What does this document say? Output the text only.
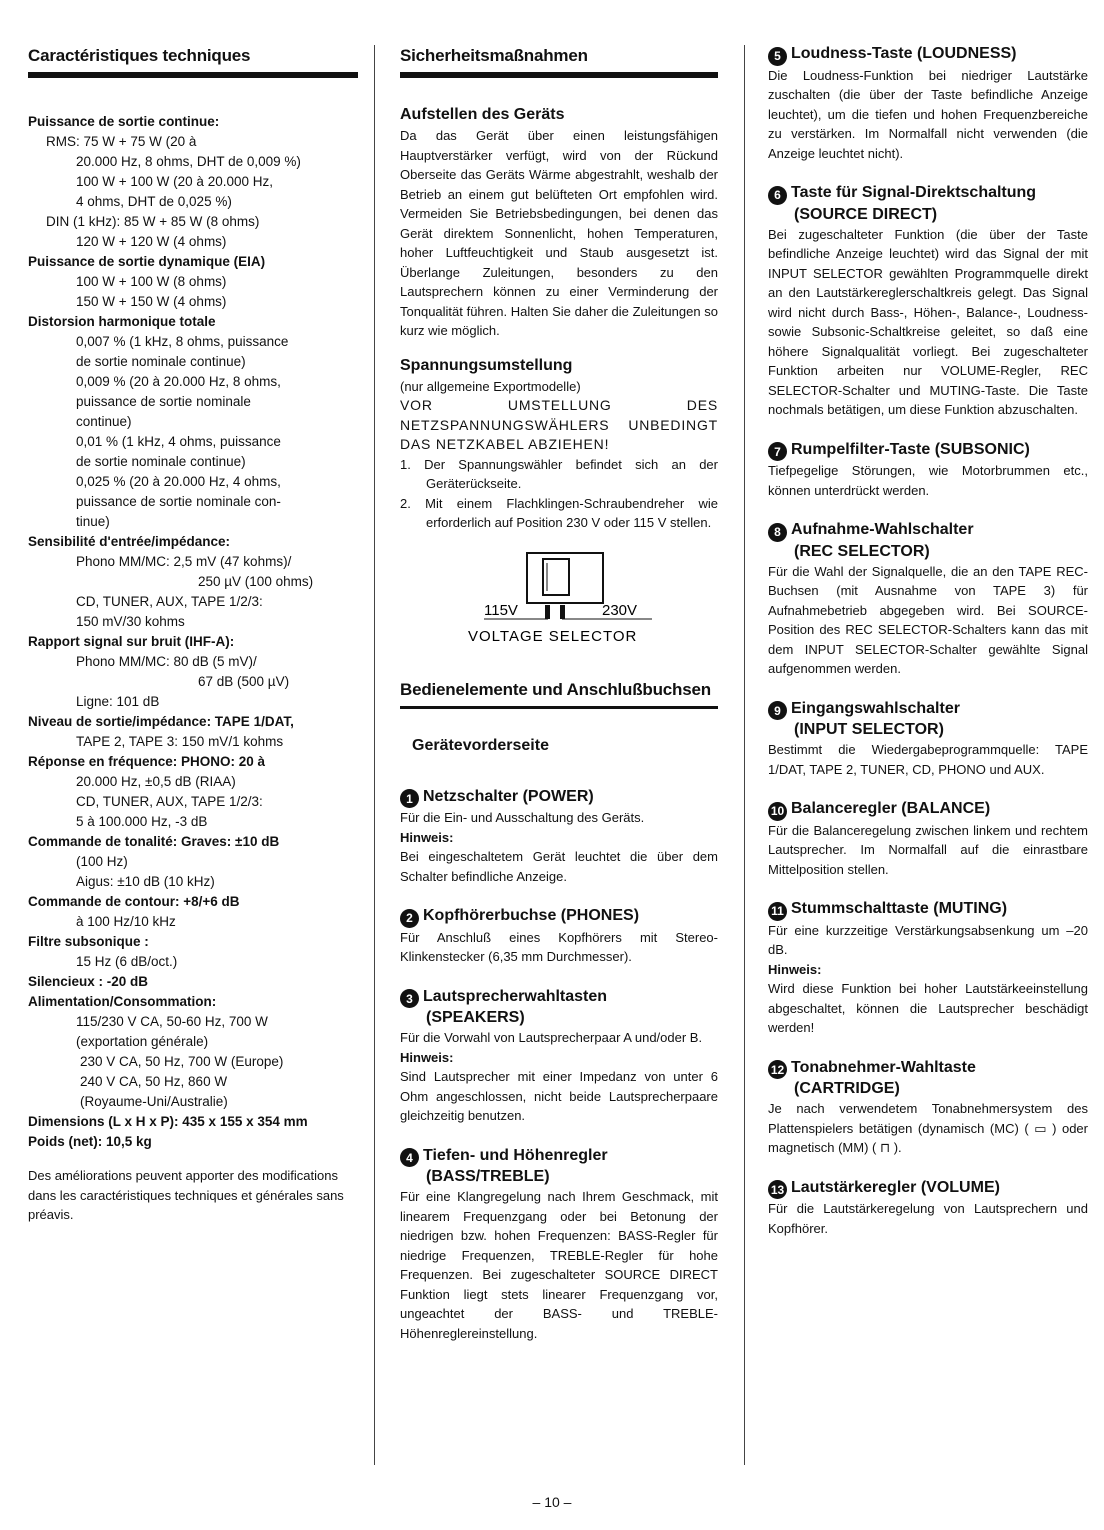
Caractéristiques techniques

Puissance de sortie continue:

RMS: 75 W + 75 W (20 à

20.000 Hz, 8 ohms, DHT de 0,009 %)

100 W + 100 W (20 à 20.000 Hz,

4 ohms, DHT de 0,025 %)

DIN (1 kHz): 85 W + 85 W (8 ohms)

120 W + 120 W (4 ohms)

Puissance de sortie dynamique (EIA)

100 W + 100 W (8 ohms)

150 W + 150 W (4 ohms)

Distorsion harmonique totale

0,007 % (1 kHz, 8 ohms, puissance

de sortie nominale continue)

0,009 % (20 à 20.000 Hz, 8 ohms,

puissance de sortie nominale

continue)

0,01 % (1 kHz, 4 ohms, puissance

de sortie nominale continue)

0,025 % (20 à 20.000 Hz, 4 ohms,

puissance de sortie nominale con-

tinue)

Sensibilité d'entrée/impédance:

Phono MM/MC: 2,5 mV (47 kohms)/

250 µV (100 ohms)

CD, TUNER, AUX, TAPE 1/2/3:

150 mV/30 kohms

Rapport signal sur bruit (IHF-A):

Phono MM/MC: 80 dB (5 mV)/

67 dB (500 µV)

Ligne: 101 dB

Niveau de sortie/impédance: TAPE 1/DAT,

TAPE 2, TAPE 3: 150 mV/1 kohms

Réponse en fréquence: PHONO: 20 à

20.000 Hz, ±0,5 dB (RIAA)

CD, TUNER, AUX, TAPE 1/2/3:

5 à 100.000 Hz, -3 dB

Commande de tonalité: Graves: ±10 dB

(100 Hz)

Aigus: ±10 dB (10 kHz)

Commande de contour: +8/+6 dB

à 100 Hz/10 kHz

Filtre subsonique :

15 Hz (6 dB/oct.)

Silencieux : -20 dB

Alimentation/Consommation:

115/230 V CA, 50-60 Hz, 700 W

(exportation générale)

230 V CA, 50 Hz, 700 W (Europe)

240 V CA, 50 Hz, 860 W

(Royaume-Uni/Australie)

Dimensions (L x H x P): 435 x 155 x 354 mm

Poids (net): 10,5 kg

Des améliorations peuvent apporter des modifications dans les caractéristiques techniques et générales sans préavis.

Sicherheitsmaßnahmen

Aufstellen des Geräts

Da das Gerät über einen leistungsfähigen Hauptverstärker verfügt, wird von der Rückund Oberseite das Geräts Wärme abgestrahlt, weshalb der Betrieb an einem gut belüfteten Ort empfohlen wird. Vermeiden Sie Betriebsbedingungen, bei denen das Gerät direktem Sonnenlicht, hohen Temperaturen, hoher Luftfeuchtigkeit und Staub ausgesetzt ist. Überlange Zuleitungen, besonders zu den Lautsprechern können zu einer Verminderung der Tonqualität führen. Halten Sie daher die Zuleitungen so kurz wie möglich.

Spannungsumstellung

(nur allgemeine Exportmodelle)

VOR UMSTELLUNG DES NETZSPANNUNGSWÄHLERS UNBEDINGT DAS NETZKABEL ABZIEHEN!

1. Der Spannungswähler befindet sich an der Geräterückseite.

2. Mit einem Flachklingen-Schraubendreher wie erforderlich auf Position 230 V oder 115 V stellen.

115V	230V
VOLTAGE SELECTOR

Bedienelemente und Anschlußbuchsen

Gerätevorderseite

1 Netzschalter (POWER)

Für die Ein- und Ausschaltung des Geräts.

Hinweis:

Bei eingeschaltetem Gerät leuchtet die über dem Schalter befindliche Anzeige.

2 Kopfhörerbuchse (PHONES)

Für Anschluß eines Kopfhörers mit Stereo-Klinkenstecker (6,35 mm Durchmesser).

3 Lautsprecherwahltasten

(SPEAKERS)

Für die Vorwahl von Lautsprecherpaar A und/oder B.

Hinweis:

Sind Lautsprecher mit einer Impedanz von unter 6 Ohm angeschlossen, nicht beide Lautsprecherpaare gleichzeitig benutzen.

4 Tiefen- und Höhenregler

(BASS/TREBLE)

Für eine Klangregelung nach Ihrem Geschmack, mit linearem Frequenzgang oder bei Betonung der niedrigen bzw. hohen Frequenzen: BASS-Regler für niedrige Frequenzen, TREBLE-Regler für hohe Frequenzen. Bei zugeschalteter SOURCE DIRECT Funktion liegt stets linearer Frequenzgang vor, ungeachtet der BASS- und TREBLE-Höhenreglereinstellung.

5 Loudness-Taste (LOUDNESS)

Die Loudness-Funktion bei niedriger Lautstärke zuschalten (die über der Taste befindliche Anzeige leuchtet), um die tiefen und hohen Frequenzbereiche zu verstärken. Im Normalfall nicht verwenden (die Anzeige leuchtet nicht).

6 Taste für Signal-Direktschaltung

(SOURCE DIRECT)

Bei zugeschalteter Funktion (die über der Taste befindliche Anzeige leuchtet) wird das Signal der mit INPUT SELECTOR gewählten Programmquelle direkt an den Lautstärkereglerschaltkreis gelegt. Das Signal wird nicht durch Bass-, Höhen-, Balance-, Loudness- sowie Subsonic-Schaltkreise geleitet, so daß eine höhere Signalqualität vorliegt. Bei zugeschalteter Funktion arbeiten nur VOLUME-Regler, REC SELECTOR-Schalter und MUTING-Taste. Die Taste nochmals betätigen, um diese Funktion abzuschalten.

7 Rumpelfilter-Taste (SUBSONIC)

Tiefpegelige Störungen, wie Motorbrummen etc., können unterdrückt werden.

8 Aufnahme-Wahlschalter

(REC SELECTOR)

Für die Wahl der Signalquelle, die an den TAPE REC-Buchsen (mit Ausnahme von TAPE 3) für Aufnahmebetrieb abgegeben wird. Bei SOURCE-Position des REC SELECTOR-Schalters kann das mit dem INPUT SELECTOR-Schalter gewählte Signal aufgenommen werden.

9 Eingangswahlschalter

(INPUT SELECTOR)

Bestimmt die Wiedergabeprogrammquelle: TAPE 1/DAT, TAPE 2, TUNER, CD, PHONO und AUX.

10 Balanceregler (BALANCE)

Für die Balanceregelung zwischen linkem und rechtem Lautsprecher. Im Normalfall auf die einrastbare Mittelposition stellen.

11 Stummschalttaste (MUTING)

Für eine kurzzeitige Verstärkungsabsenkung um –20 dB.

Hinweis:

Wird diese Funktion bei hoher Lautstärkeeinstellung abgeschaltet, können die Lautsprecher beschädigt werden!

12 Tonabnehmer-Wahltaste

(CARTRIDGE)

Je nach verwendetem Tonabnehmersystem des Plattenspielers betätigen (dynamisch (MC) ( ▭ ) oder magnetisch (MM) ( ⊓ ).

13 Lautstärkeregler (VOLUME)

Für die Lautstärkeregelung von Lautsprechern und Kopfhörer.

– 10 –
